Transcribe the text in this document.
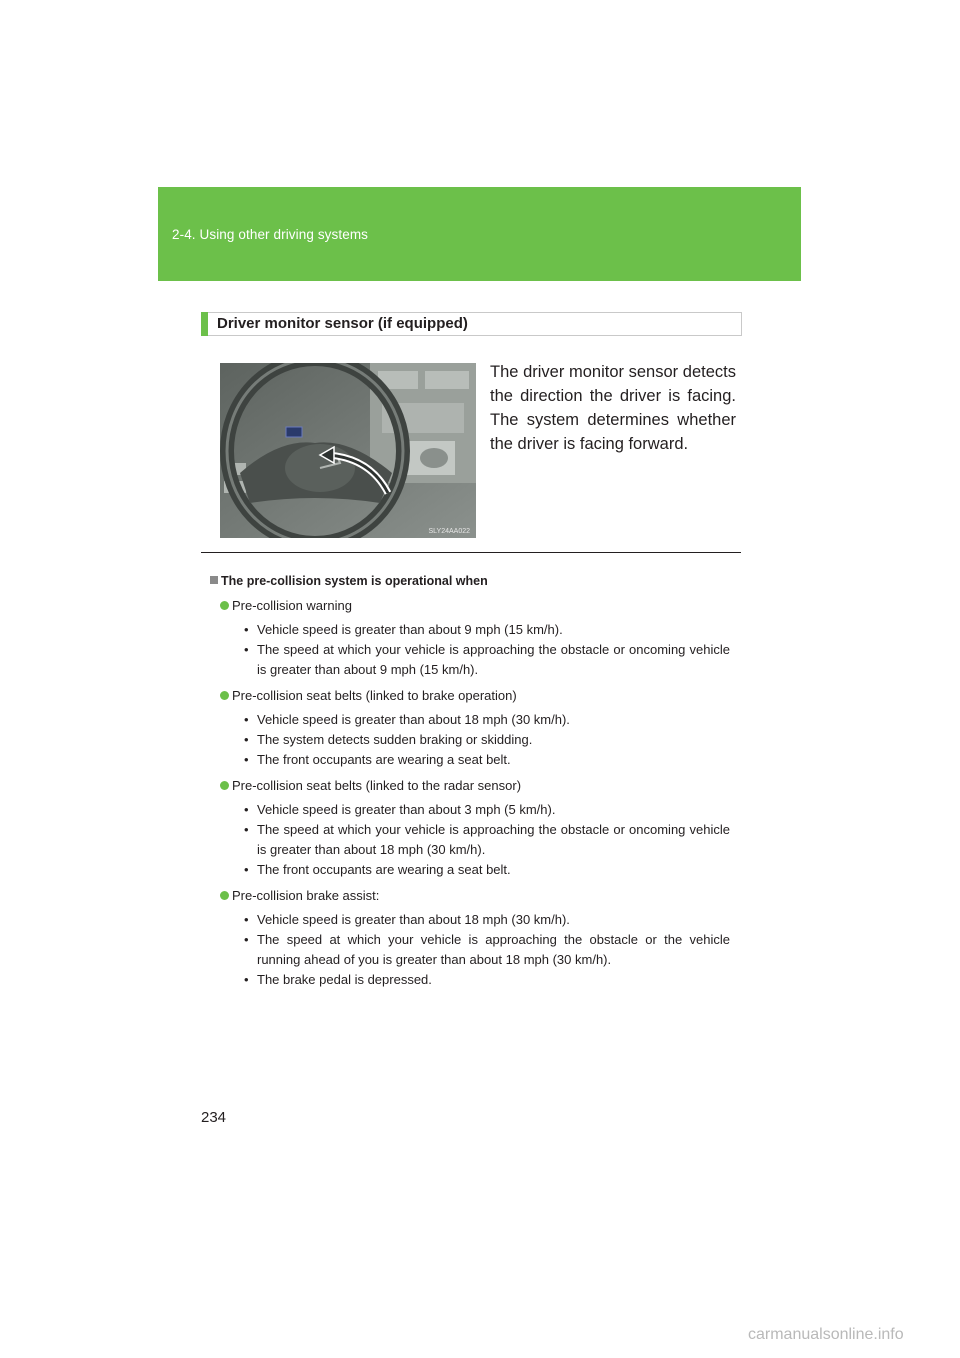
2-4. Using other driving systems
Driver monitor sensor (if equipped)
SLY24AA022
The driver monitor sensor detects the direction the driver is facing. The system determines whether the driver is facing forward.
The pre-collision system is operational when
Pre-collision warning
• Vehicle speed is greater than about 9 mph (15 km/h).
• The speed at which your vehicle is approaching the obstacle or oncoming vehicle is greater than about 9 mph (15 km/h).
Pre-collision seat belts (linked to brake operation)
• Vehicle speed is greater than about 18 mph (30 km/h).
• The system detects sudden braking or skidding.
• The front occupants are wearing a seat belt.
Pre-collision seat belts (linked to the radar sensor)
• Vehicle speed is greater than about 3 mph (5 km/h).
• The speed at which your vehicle is approaching the obstacle or oncoming vehicle is greater than about 18 mph (30 km/h).
• The front occupants are wearing a seat belt.
Pre-collision brake assist:
• Vehicle speed is greater than about 18 mph (30 km/h).
• The speed at which your vehicle is approaching the obstacle or the vehicle running ahead of you is greater than about 18 mph (30 km/h).
• The brake pedal is depressed.
234
carmanualsonline.info
